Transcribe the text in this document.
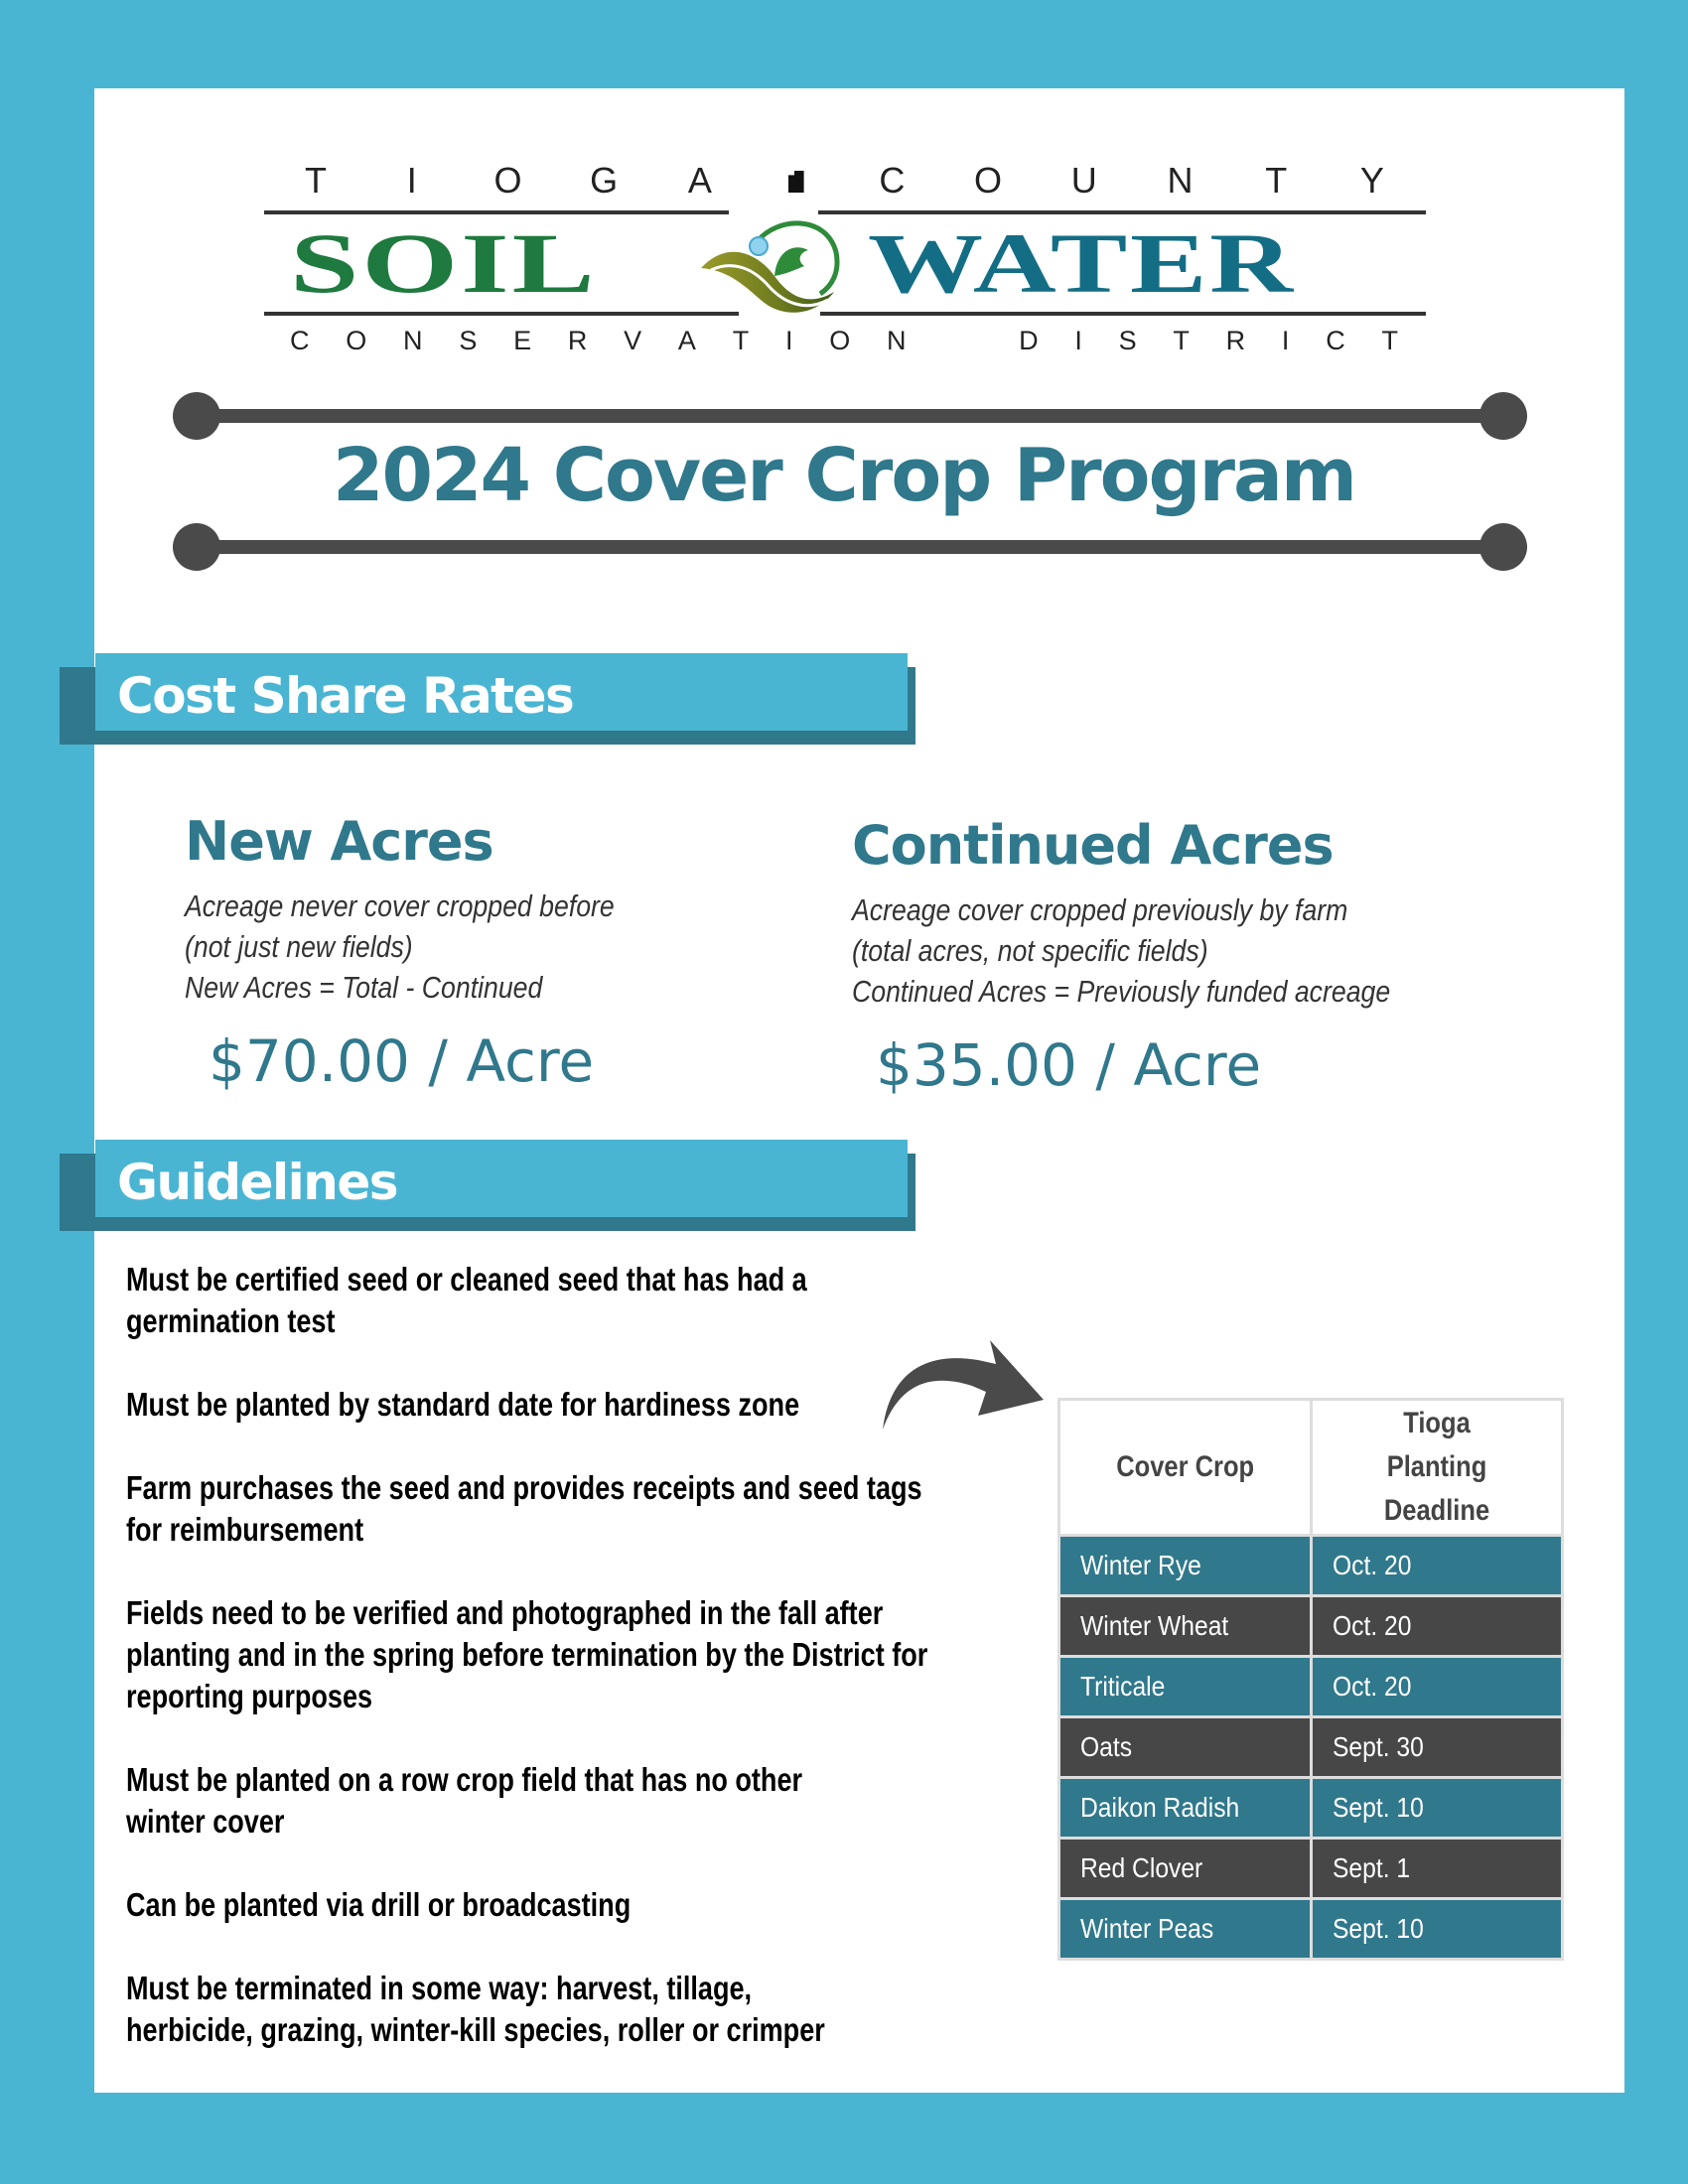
T I O G A	C O U N T Y
SOIL	WATER
C O N S E R V A T I O N	D I S T R I C T
2024 Cover Crop Program
Cost Share Rates
New Acres
Acreage never cover cropped before
(not just new fields)
New Acres = Total - Continued
$70.00 / Acre
Continued Acres
Acreage cover cropped previously by farm
(total acres, not specific fields)
Continued Acres = Previously funded acreage
$35.00 / Acre
Guidelines
Must be certified seed or cleaned seed that has had a germination test
Must be planted by standard date for hardiness zone
Farm purchases the seed and provides receipts and seed tags for reimbursement
Fields need to be verified and photographed in the fall after planting and in the spring before termination by the District for reporting purposes
Must be planted on a row crop field that has no other winter cover
Can be planted via drill or broadcasting
Must be terminated in some way: harvest, tillage, herbicide, grazing, winter-kill species, roller or crimper
Cover Crop	Tioga Planting Deadline
Winter Rye	Oct. 20
Winter Wheat	Oct. 20
Triticale	Oct. 20
Oats	Sept. 30
Daikon Radish	Sept. 10
Red Clover	Sept. 1
Winter Peas	Sept. 10
